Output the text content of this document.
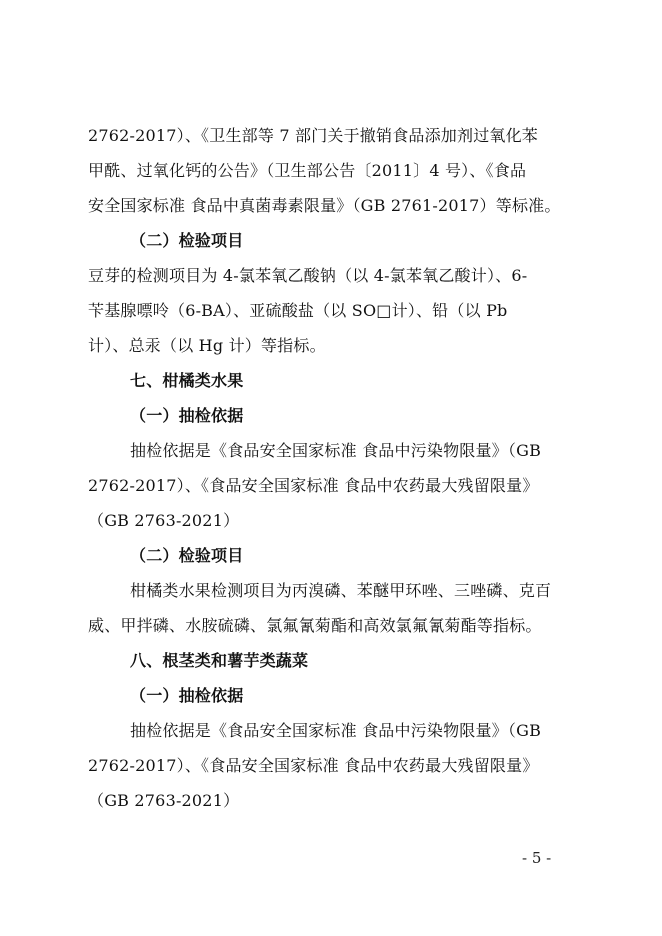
2762-2017）、《卫生部等 7 部门关于撤销食品添加剂过氧化苯
甲酰、过氧化钙的公告》（卫生部公告〔2011〕4 号）、《食品
安全国家标准 食品中真菌毒素限量》（GB 2761-2017）等标准。
（二）检验项目
豆芽的检测项目为 4-氯苯氧乙酸钠（以 4-氯苯氧乙酸计）、6-
苄基腺嘌呤（6-BA）、亚硫酸盐（以 SO□计）、铅（以 Pb
计）、总汞（以 Hg 计）等指标。
七、柑橘类水果
（一）抽检依据
抽检依据是《食品安全国家标准 食品中污染物限量》（GB
2762-2017）、《食品安全国家标准 食品中农药最大残留限量》
（GB 2763-2021）
（二）检验项目
柑橘类水果检测项目为丙溴磷、苯醚甲环唑、三唑磷、克百
威、甲拌磷、水胺硫磷、氯氟氰菊酯和高效氯氟氰菊酯等指标。
八、根茎类和薯芋类蔬菜
（一）抽检依据
抽检依据是《食品安全国家标准 食品中污染物限量》（GB
2762-2017）、《食品安全国家标准 食品中农药最大残留限量》
（GB 2763-2021）
- 5 -
